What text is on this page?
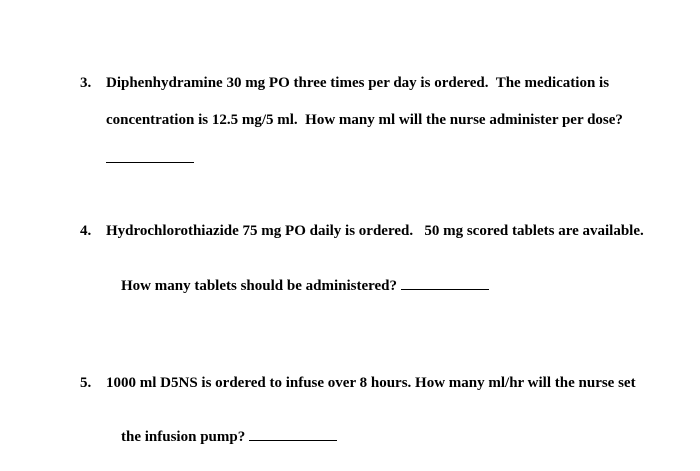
3. Diphenhydramine 30 mg PO three times per day is ordered.  The medication is
concentration is 12.5 mg/5 ml.  How many ml will the nurse administer per dose?
4. Hydrochlorothiazide 75 mg PO daily is ordered.   50 mg scored tablets are available.

How many tablets should be administered?

5. 1000 ml D5NS is ordered to infuse over 8 hours. How many ml/hr will the nurse set

the infusion pump?
